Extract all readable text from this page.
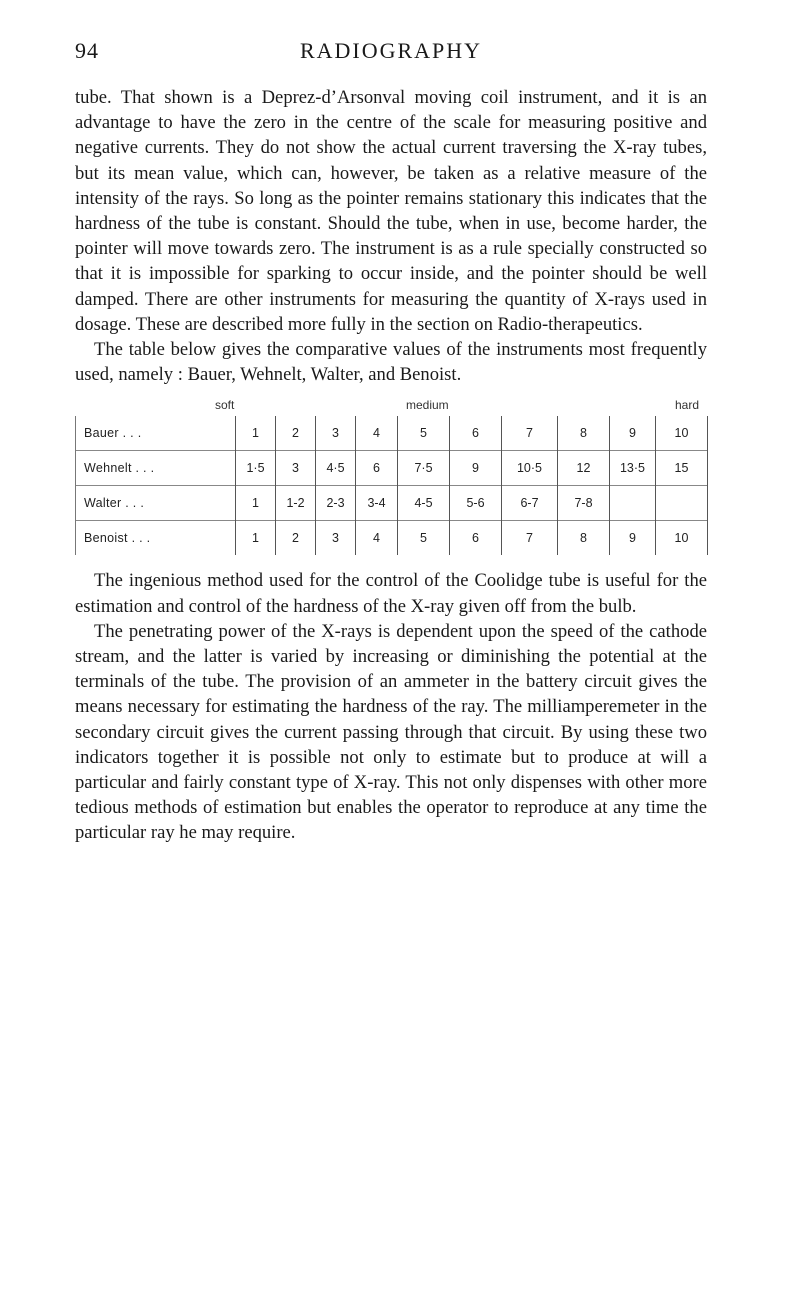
94	RADIOGRAPHY

tube. That shown is a Deprez-d’Arsonval moving coil instrument, and it is an advantage to have the zero in the centre of the scale for measuring positive and negative currents. They do not show the actual current traversing the X-ray tubes, but its mean value, which can, however, be taken as a relative measure of the intensity of the rays. So long as the pointer remains stationary this indicates that the hardness of the tube is constant. Should the tube, when in use, become harder, the pointer will move towards zero. The instrument is as a rule specially constructed so that it is impossible for sparking to occur inside, and the pointer should be well damped. There are other instruments for measuring the quantity of X-rays used in dosage. These are described more fully in the section on Radio-therapeutics.

The table below gives the comparative values of the instruments most frequently used, namely : Bauer, Wehnelt, Walter, and Benoist.

soft	medium	hard
Bauer . . .	1	2	3	4	5	6	7	8	9	10
Wehnelt . . .	1·5	3	4·5	6	7·5	9	10·5	12	13·5	15
Walter . . .	1	1-2	2-3	3-4	4-5	5-6	6-7	7-8		
Benoist . . .	1	2	3	4	5	6	7	8	9	10

The ingenious method used for the control of the Coolidge tube is useful for the estimation and control of the hardness of the X-ray given off from the bulb.

The penetrating power of the X-rays is dependent upon the speed of the cathode stream, and the latter is varied by increasing or diminishing the potential at the terminals of the tube. The provision of an ammeter in the battery circuit gives the means necessary for estimating the hardness of the ray. The milliamperemeter in the secondary circuit gives the current passing through that circuit. By using these two indicators together it is possible not only to estimate but to produce at will a particular and fairly constant type of X-ray. This not only dispenses with other more tedious methods of estimation but enables the operator to reproduce at any time the particular ray he may require.
